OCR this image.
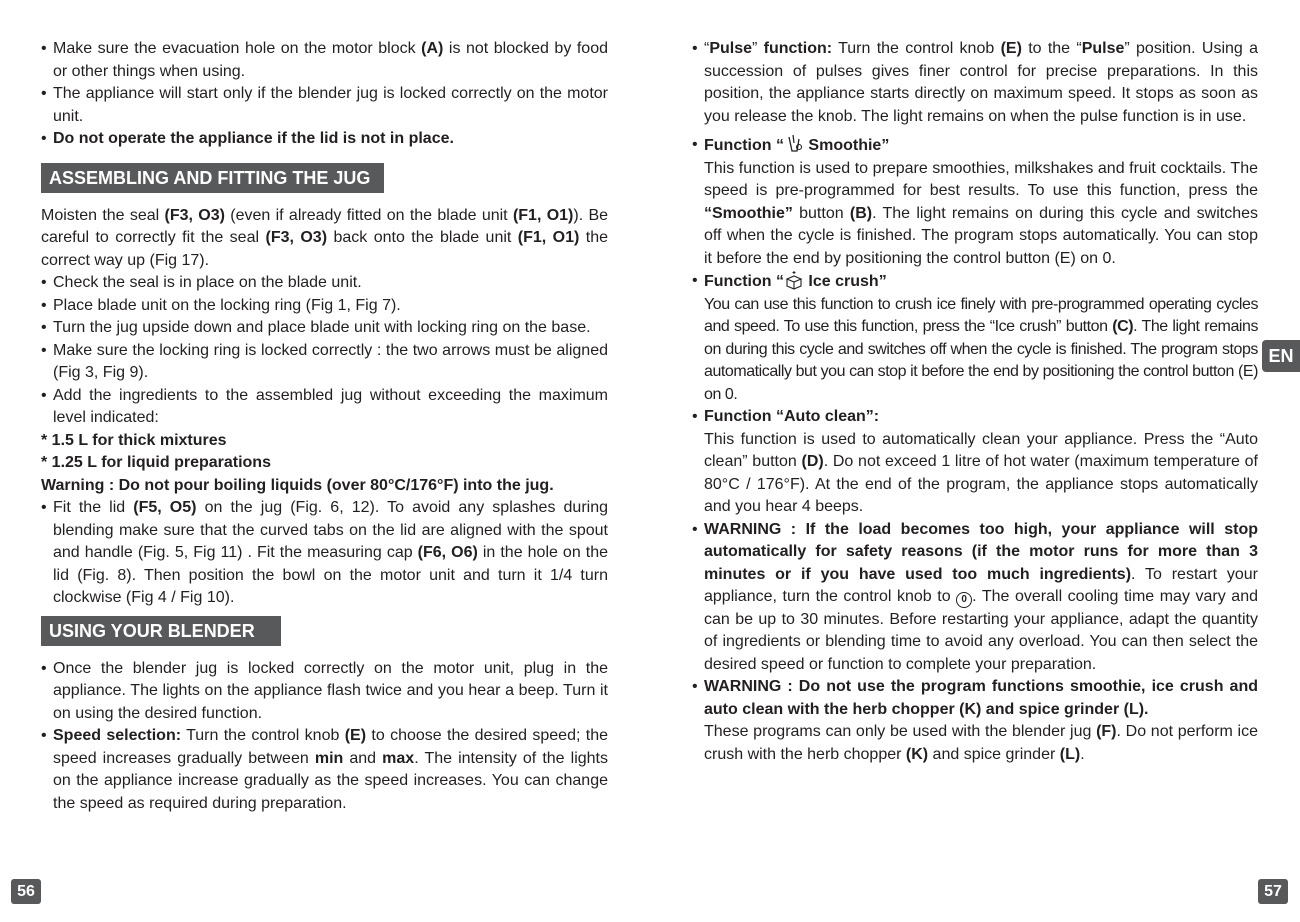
• Make sure the evacuation hole on the motor block (A) is not blocked by food or other things when using.
• The appliance will start only if the blender jug is locked correctly on the motor unit.
• Do not operate the appliance if the lid is not in place.
ASSEMBLING AND FITTING THE JUG

Moisten the seal (F3, O3) (even if already fitted on the blade unit (F1, O1)). Be careful to correctly fit the seal (F3, O3) back onto the blade unit (F1, O1) the correct way up (Fig 17).

• Check the seal is in place on the blade unit.
• Place blade unit on the locking ring (Fig 1, Fig 7).
• Turn the jug upside down and place blade unit with locking ring on the base.
• Make sure the locking ring is locked correctly : the two arrows must be aligned (Fig 3, Fig 9).
• Add the ingredients to the assembled jug without exceeding the maximum level indicated:

* 1.5 L for thick mixtures

* 1.25 L for liquid preparations

Warning : Do not pour boiling liquids (over 80°C/176°F) into the jug.

• Fit the lid (F5, O5) on the jug (Fig. 6, 12). To avoid any splashes during blending make sure that the curved tabs on the lid are aligned with the spout and handle (Fig. 5, Fig 11) . Fit the measuring cap (F6, O6) in the hole on the lid (Fig. 8). Then position the bowl on the motor unit and turn it 1/4 turn clockwise (Fig 4 / Fig 10).
USING YOUR BLENDER
• Once the blender jug is locked correctly on the motor unit, plug in the appliance. The lights on the appliance flash twice and you hear a beep. Turn it on using the desired function.
• Speed selection: Turn the control knob (E) to choose the desired speed; the speed increases gradually between min and max. The intensity of the lights on the appliance increase gradually as the speed increases. You can change the speed as required during preparation.
• “Pulse” function: Turn the control knob (E) to the “Pulse” position. Using a succession of pulses gives finer control for precise preparations. In this position, the appliance starts directly on maximum speed. It stops as soon as you release the knob. The light remains on when the pulse function is in use.
• Function “ Smoothie”
This function is used to prepare smoothies, milkshakes and fruit cocktails. The speed is pre-programmed for best results. To use this function, press the “Smoothie” button (B). The light remains on during this cycle and switches off when the cycle is finished. The program stops automatically. You can stop it before the end by positioning the control button (E) on 0.
• Function “ Ice crush”
You can use this function to crush ice finely with pre-programmed operating cycles and speed. To use this function, press the “Ice crush” button (C). The light remains on during this cycle and switches off when the cycle is finished. The program stops automatically but you can stop it before the end by positioning the control button (E) on 0.
• Function “Auto clean”:
This function is used to automatically clean your appliance. Press the “Auto clean” button (D). Do not exceed 1 litre of hot water (maximum temperature of 80°C / 176°F). At the end of the program, the appliance stops automatically and you hear 4 beeps.
• WARNING : If the load becomes too high, your appliance will stop automatically for safety reasons (if the motor runs for more than 3 minutes or if you have used too much ingredients). To restart your appliance, turn the control knob to 0 . The overall cooling time may vary and can be up to 30 minutes. Before restarting your appliance, adapt the quantity of ingredients or blending time to avoid any overload. You can then select the desired speed or function to complete your preparation.
• WARNING : Do not use the program functions smoothie, ice crush and auto clean with the herb chopper (K) and spice grinder (L).
These programs can only be used with the blender jug (F). Do not perform ice crush with the herb chopper (K) and spice grinder (L).
EN
56	57
